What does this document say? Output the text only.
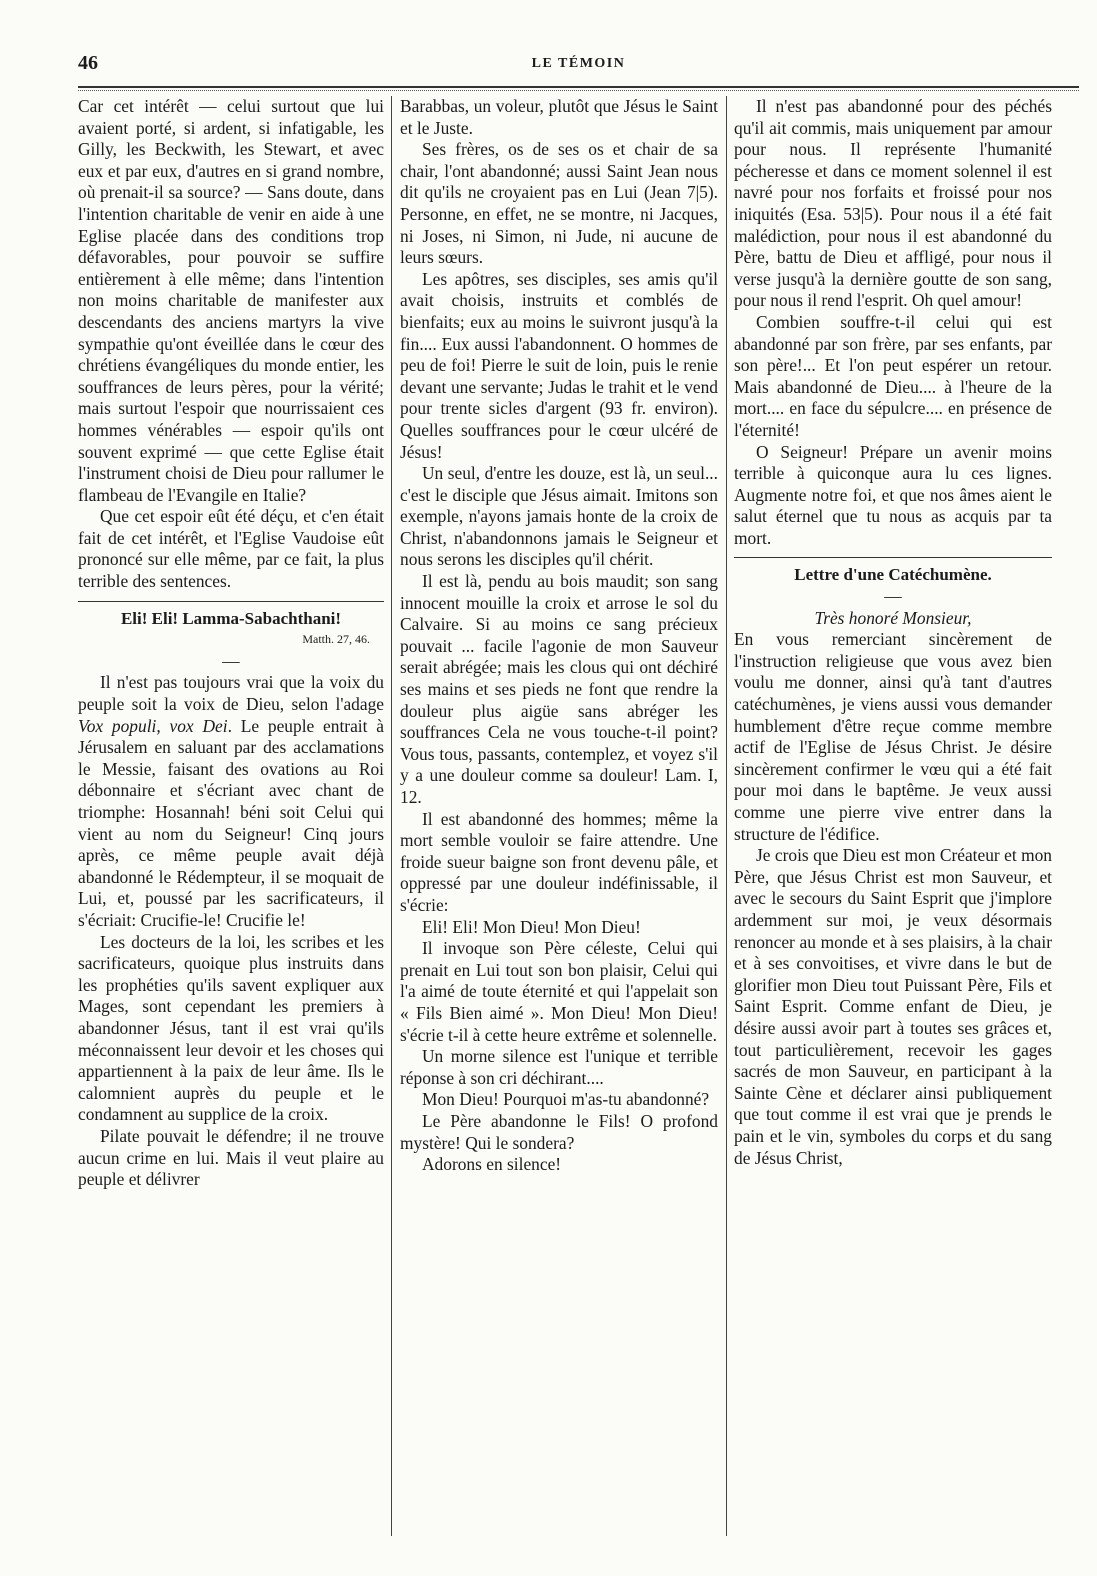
46	LE TÉMOIN

Car cet intérêt — celui surtout que lui avaient porté, si ardent, si infatigable, les Gilly, les Beckwith, les Stewart, et avec eux et par eux, d'autres en si grand nombre, où prenait-il sa source? — Sans doute, dans l'intention charitable de venir en aide à une Eglise placée dans des conditions trop défavorables, pour pouvoir se suffire entièrement à elle même; dans l'intention non moins charitable de manifester aux descendants des anciens martyrs la vive sympathie qu'ont éveillée dans le cœur des chrétiens évangéliques du monde entier, les souffrances de leurs pères, pour la vérité; mais surtout l'espoir que nourrissaient ces hommes vénérables — espoir qu'ils ont souvent exprimé — que cette Eglise était l'instrument choisi de Dieu pour rallumer le flambeau de l'Evangile en Italie?

Que cet espoir eût été déçu, et c'en était fait de cet intérêt, et l'Eglise Vaudoise eût prononcé sur elle même, par ce fait, la plus terrible des sentences.

Eli! Eli! Lamma-Sabachthani!

Matth. 27, 46.

—

Il n'est pas toujours vrai que la voix du peuple soit la voix de Dieu, selon l'adage Vox populi, vox Dei. Le peuple entrait à Jérusalem en saluant par des acclamations le Messie, faisant des ovations au Roi débonnaire et s'écriant avec chant de triomphe: Hosannah! béni soit Celui qui vient au nom du Seigneur! Cinq jours après, ce même peuple avait déjà abandonné le Rédempteur, il se moquait de Lui, et, poussé par les sacrificateurs, il s'écriait: Crucifie-le! Crucifie le!

Les docteurs de la loi, les scribes et les sacrificateurs, quoique plus instruits dans les prophéties qu'ils savent expliquer aux Mages, sont cependant les premiers à abandonner Jésus, tant il est vrai qu'ils méconnaissent leur devoir et les choses qui appartiennent à la paix de leur âme. Ils le calomnient auprès du peuple et le condamnent au supplice de la croix.

Pilate pouvait le défendre; il ne trouve aucun crime en lui. Mais il veut plaire au peuple et délivrer

Barabbas, un voleur, plutôt que Jésus le Saint et le Juste.

Ses frères, os de ses os et chair de sa chair, l'ont abandonné; aussi Saint Jean nous dit qu'ils ne croyaient pas en Lui (Jean 7|5). Personne, en effet, ne se montre, ni Jacques, ni Joses, ni Simon, ni Jude, ni aucune de leurs sœurs.

Les apôtres, ses disciples, ses amis qu'il avait choisis, instruits et comblés de bienfaits; eux au moins le suivront jusqu'à la fin.... Eux aussi l'abandonnent. O hommes de peu de foi! Pierre le suit de loin, puis le renie devant une servante; Judas le trahit et le vend pour trente sicles d'argent (93 fr. environ). Quelles souffrances pour le cœur ulcéré de Jésus!

Un seul, d'entre les douze, est là, un seul... c'est le disciple que Jésus aimait. Imitons son exemple, n'ayons jamais honte de la croix de Christ, n'abandonnons jamais le Seigneur et nous serons les disciples qu'il chérit.

Il est là, pendu au bois maudit; son sang innocent mouille la croix et arrose le sol du Calvaire. Si au moins ce sang précieux pouvait ... facile l'agonie de mon Sauveur serait abrégée; mais les clous qui ont déchiré ses mains et ses pieds ne font que rendre la douleur plus aigüe sans abréger les souffrances Cela ne vous touche-t-il point? Vous tous, passants, contemplez, et voyez s'il y a une douleur comme sa douleur! Lam. I, 12.

Il est abandonné des hommes; même la mort semble vouloir se faire attendre. Une froide sueur baigne son front devenu pâle, et oppressé par une douleur indéfinissable, il s'écrie:

Eli! Eli! Mon Dieu! Mon Dieu!

Il invoque son Père céleste, Celui qui prenait en Lui tout son bon plaisir, Celui qui l'a aimé de toute éternité et qui l'appelait son « Fils Bien aimé ». Mon Dieu! Mon Dieu! s'écrie t-il à cette heure extrême et solennelle.

Un morne silence est l'unique et terrible réponse à son cri déchirant....

Mon Dieu! Pourquoi m'as-tu abandonné?

Le Père abandonne le Fils! O profond mystère! Qui le sondera?

Adorons en silence!

Il n'est pas abandonné pour des péchés qu'il ait commis, mais uniquement par amour pour nous. Il représente l'humanité pécheresse et dans ce moment solennel il est navré pour nos forfaits et froissé pour nos iniquités (Esa. 53|5). Pour nous il a été fait malédiction, pour nous il est abandonné du Père, battu de Dieu et affligé, pour nous il verse jusqu'à la dernière goutte de son sang, pour nous il rend l'esprit. Oh quel amour!

Combien souffre-t-il celui qui est abandonné par son frère, par ses enfants, par son père!... Et l'on peut espérer un retour. Mais abandonné de Dieu.... à l'heure de la mort.... en face du sépulcre.... en présence de l'éternité!

O Seigneur! Prépare un avenir moins terrible à quiconque aura lu ces lignes. Augmente notre foi, et que nos âmes aient le salut éternel que tu nous as acquis par ta mort.

Lettre d'une Catéchumène.

—

Très honoré Monsieur,

En vous remerciant sincèrement de l'instruction religieuse que vous avez bien voulu me donner, ainsi qu'à tant d'autres catéchumènes, je viens aussi vous demander humblement d'être reçue comme membre actif de l'Eglise de Jésus Christ. Je désire sincèrement confirmer le vœu qui a été fait pour moi dans le baptême. Je veux aussi comme une pierre vive entrer dans la structure de l'édifice.

Je crois que Dieu est mon Créateur et mon Père, que Jésus Christ est mon Sauveur, et avec le secours du Saint Esprit que j'implore ardemment sur moi, je veux désormais renoncer au monde et à ses plaisirs, à la chair et à ses convoitises, et vivre dans le but de glorifier mon Dieu tout Puissant Père, Fils et Saint Esprit. Comme enfant de Dieu, je désire aussi avoir part à toutes ses grâces et, tout particulièrement, recevoir les gages sacrés de mon Sauveur, en participant à la Sainte Cène et déclarer ainsi publiquement que tout comme il est vrai que je prends le pain et le vin, symboles du corps et du sang de Jésus Christ,
